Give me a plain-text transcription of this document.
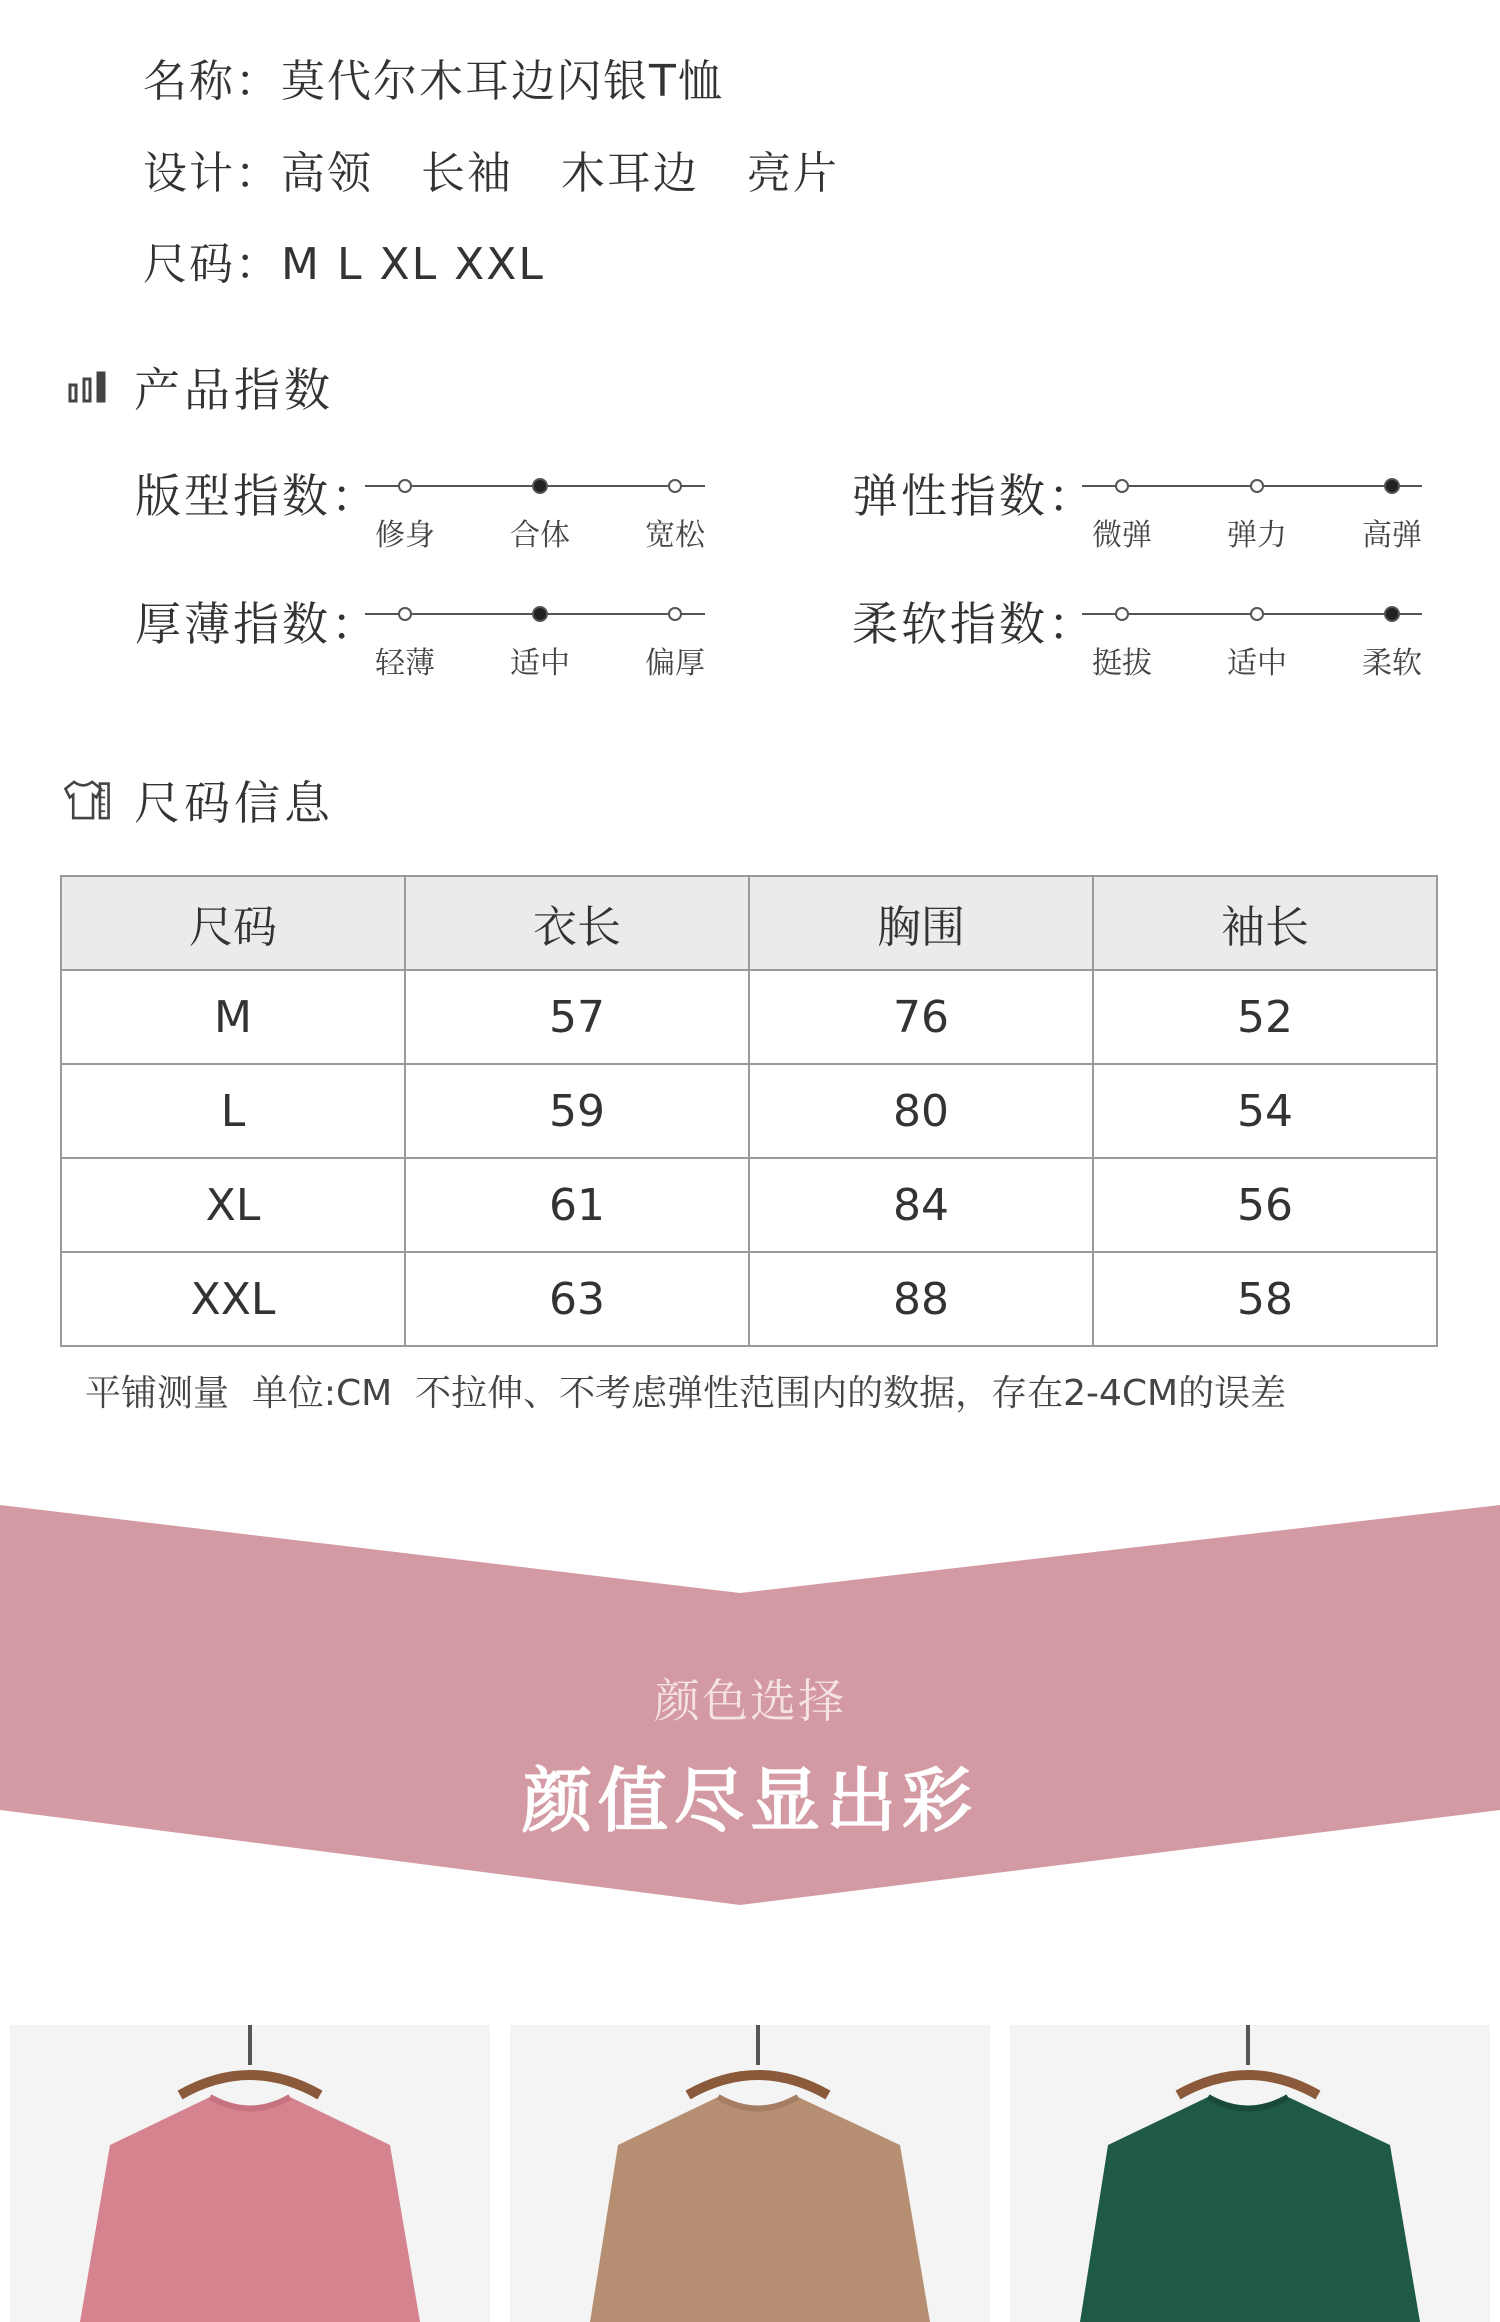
名称：莫代尔木耳边闪银T恤
设计：高领   长袖   木耳边   亮片
尺码：M L XL XXL
产品指数
版型指数：
修身	合体	宽松
弹性指数：
微弹	弹力	高弹
厚薄指数：
轻薄	适中	偏厚
柔软指数：
挺拔	适中	柔软
尺码信息
尺码	衣长	胸围	袖长
M	57	76	52
L	59	80	54
XL	61	84	56
XXL	63	88	58
平铺测量  单位:CM  不拉伸、不考虑弹性范围内的数据，存在2-4CM的误差
颜色选择
颜值尽显出彩
